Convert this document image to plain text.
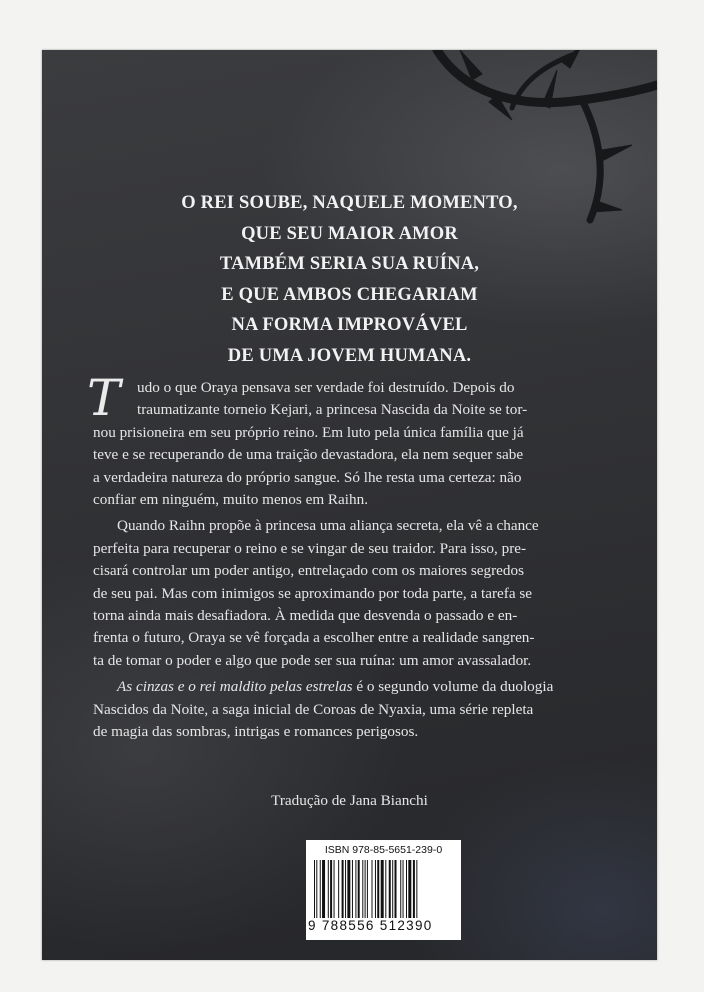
O REI SOUBE, NAQUELE MOMENTO,
QUE SEU MAIOR AMOR
TAMBÉM SERIA SUA RUÍNA,
E QUE AMBOS CHEGARIAM
NA FORMA IMPROVÁVEL
DE UMA JOVEM HUMANA.

T	udo o que Oraya pensava ser verdade foi destruído. Depois do
traumatizante torneio Kejari, a princesa Nascida da Noite se tor-
nou prisioneira em seu próprio reino. Em luto pela única família que já
teve e se recuperando de uma traição devastadora, ela nem sequer sabe
a verdadeira natureza do próprio sangue. Só lhe resta uma certeza: não
confiar em ninguém, muito menos em Raihn.
Quando Raihn propõe à princesa uma aliança secreta, ela vê a chance
perfeita para recuperar o reino e se vingar de seu traidor. Para isso, pre-
cisará controlar um poder antigo, entrelaçado com os maiores segredos
de seu pai. Mas com inimigos se aproximando por toda parte, a tarefa se
torna ainda mais desafiadora. À medida que desvenda o passado e en-
frenta o futuro, Oraya se vê forçada a escolher entre a realidade sangren-
ta de tomar o poder e algo que pode ser sua ruína: um amor avassalador.
As cinzas e o rei maldito pelas estrelas é o segundo volume da duologia
Nascidos da Noite, a saga inicial de Coroas de Nyaxia, uma série repleta
de magia das sombras, intrigas e romances perigosos.
Tradução de Jana Bianchi
ISBN 978-85-5651-239-0
9 788556 512390
